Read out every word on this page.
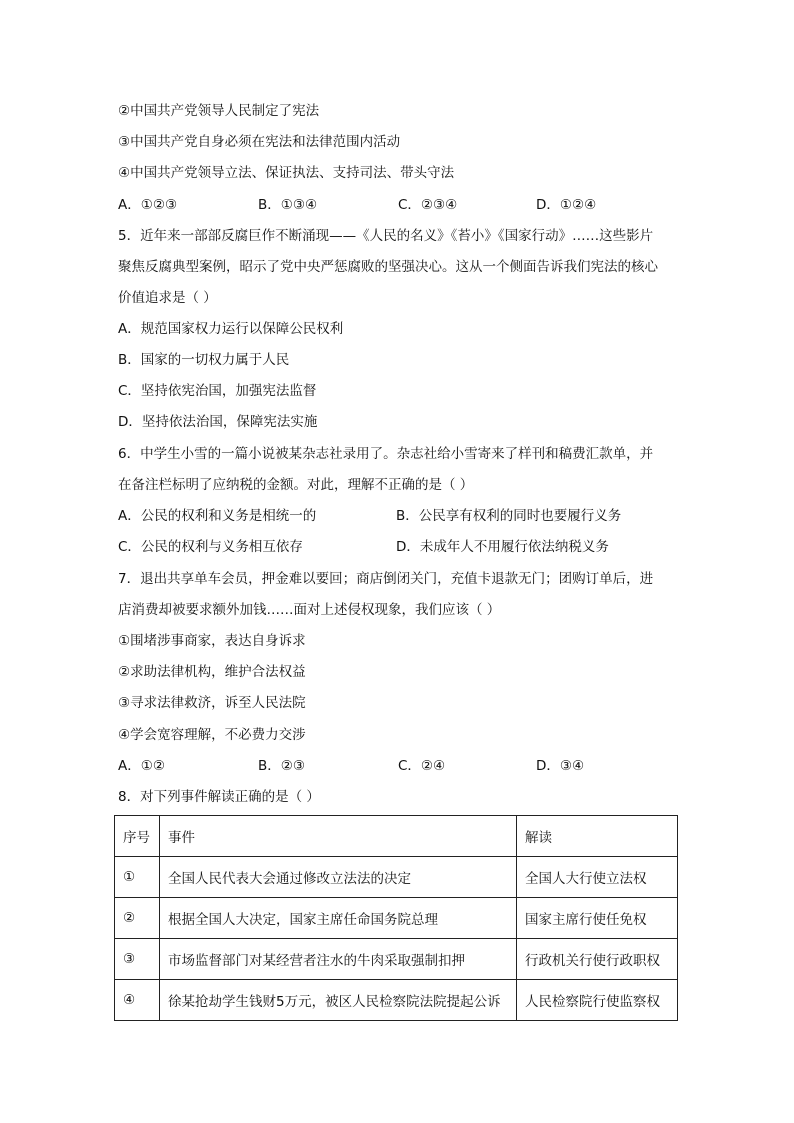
②中国共产党领导人民制定了宪法
③中国共产党自身必须在宪法和法律范围内活动
④中国共产党领导立法、保证执法、支持司法、带头守法
A．①②③	B．①③④	C．②③④	D．①②④
5．近年来一部部反腐巨作不断涌现——《人民的名义》《苔小》《国家行动》……这些影片
聚焦反腐典型案例，昭示了党中央严惩腐败的坚强决心。这从一个侧面告诉我们宪法的核心
价值追求是（ ）
A．规范国家权力运行以保障公民权利
B．国家的一切权力属于人民
C．坚持依宪治国，加强宪法监督
D．坚持依法治国，保障宪法实施
6．中学生小雪的一篇小说被某杂志社录用了。杂志社给小雪寄来了样刊和稿费汇款单，并
在备注栏标明了应纳税的金额。对此，理解不正确的是（ ）
A．公民的权利和义务是相统一的	B．公民享有权利的同时也要履行义务
C．公民的权利与义务相互依存	D．未成年人不用履行依法纳税义务
7．退出共享单车会员，押金难以要回；商店倒闭关门，充值卡退款无门；团购订单后，进
店消费却被要求额外加钱……面对上述侵权现象，我们应该（ ）
①围堵涉事商家，表达自身诉求
②求助法律机构，维护合法权益
③寻求法律救济，诉至人民法院
④学会宽容理解，不必费力交涉
A．①②	B．②③	C．②④	D．③④
8．对下列事件解读正确的是（ ）
序号	事件	解读
①	全国人民代表大会通过修改立法法的决定	全国人大行使立法权
②	根据全国人大决定，国家主席任命国务院总理	国家主席行使任免权
③	市场监督部门对某经营者注水的牛肉采取强制扣押	行政机关行使行政职权
④	徐某抢劫学生钱财5万元，被区人民检察院法院提起公诉	人民检察院行使监察权
